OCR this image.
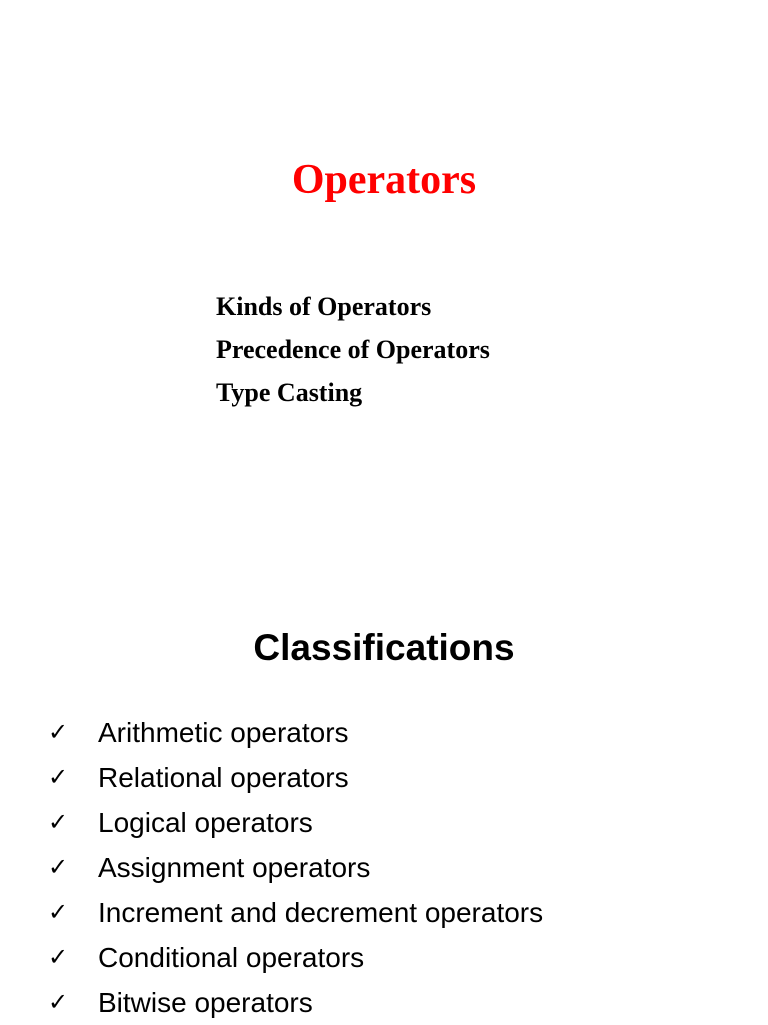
Operators
Kinds of Operators
Precedence of Operators
Type Casting
Classifications
✓	Arithmetic operators
✓	Relational operators
✓	Logical operators
✓	Assignment operators
✓	Increment and decrement operators
✓	Conditional operators
✓	Bitwise operators
